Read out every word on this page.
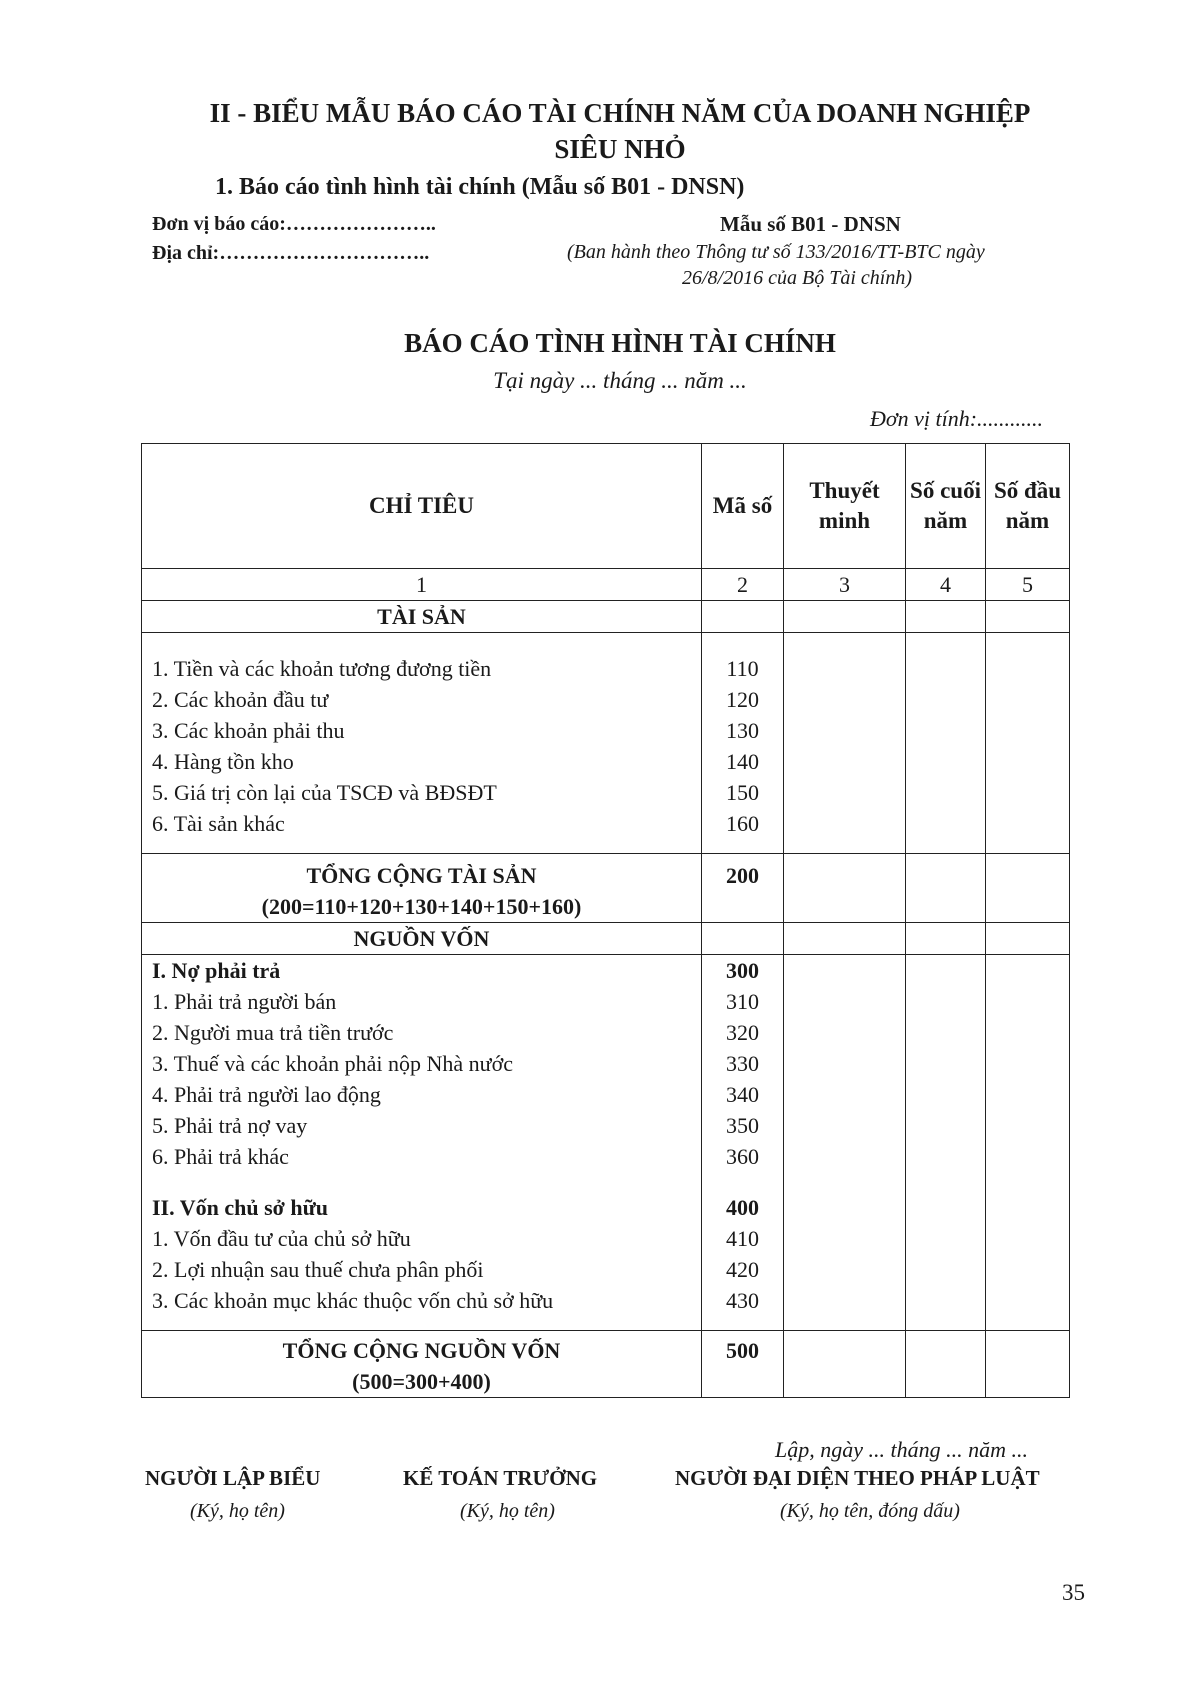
II - BIỂU MẪU BÁO CÁO TÀI CHÍNH NĂM CỦA DOANH NGHIỆP
SIÊU NHỎ
1. Báo cáo tình hình tài chính (Mẫu số B01 - DNSN)
Đơn vị báo cáo:…………………..
Địa chỉ:…………………………..
Mẫu số B01 - DNSN
(Ban hành theo Thông tư số 133/2016/TT-BTC ngày
26/8/2016 của Bộ Tài chính)
BÁO CÁO TÌNH HÌNH TÀI CHÍNH
Tại ngày ... tháng ... năm ...
Đơn vị tính:............
CHỈ TIÊU	Mã số	Thuyết minh	Số cuối năm	Số đầu năm
1	2	3	4	5
TÀI SẢN				

1. Tiền và các khoản tương đương tiền	110			
2. Các khoản đầu tư	120			
3. Các khoản phải thu	130			
4. Hàng tồn kho	140			
5. Giá trị còn lại của TSCĐ và BĐSĐT	150			
6. Tài sản khác	160			

TỔNG CỘNG TÀI SẢN
(200=110+120+130+140+150+160)	200			
NGUỒN VỐN				
I. Nợ phải trả	300			
1. Phải trả người bán	310			
2. Người mua trả tiền trước	320			
3. Thuế và các khoản phải nộp Nhà nước	330			
4. Phải trả người lao động	340			
5. Phải trả nợ vay	350			
6. Phải trả khác	360			

II. Vốn chủ sở hữu	400			
1. Vốn đầu tư của chủ sở hữu	410			
2. Lợi nhuận sau thuế chưa phân phối	420			
3. Các khoản mục khác thuộc vốn chủ sở hữu	430			

TỔNG CỘNG NGUỒN VỐN
(500=300+400)	500			
Lập, ngày ... tháng ... năm ...
NGƯỜI LẬP BIỂU	KẾ TOÁN TRƯỞNG	NGƯỜI ĐẠI DIỆN THEO PHÁP LUẬT
(Ký, họ tên)	(Ký, họ tên)	(Ký, họ tên, đóng dấu)
35
